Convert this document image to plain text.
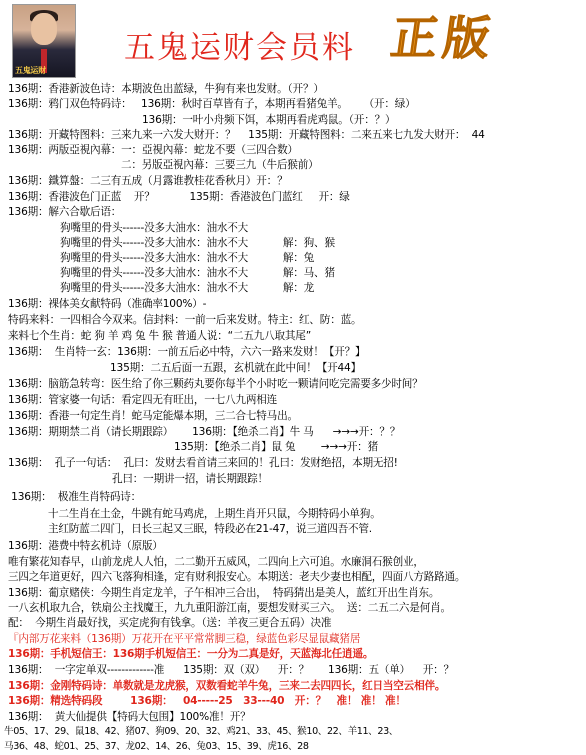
五鬼运财
五鬼运财会员料 正版
136期：香港新波色诗：本期波色出蓝绿，牛狗有来也发财。（开？）
136期：鸦门双色特码诗：   136期：秋时百草皆有子，本期再看猪兔羊。     （开：绿）
136期：一叶小舟频下饵，本期再看虎鸡鼠。（开：？）
136期：开藏特图料：三来九来一六发大财开：？    135期：开藏特图料：二来五来七九发大财开：  44
136期：两版亞視內幕：一：亞視內幕：蛇龙不要（三四合数）
二：另版亞視內幕：三要三九（牛后猴前）
136期：鐵算盤：二三有五成（月露谁教桂花香秋月）开：？
136期：香港波色门正蓝    开？           135期：香港波色门蓝红     开：绿
136期：解六合歇后语：
狗嘴里的骨头------没多大油水：油水不大
狗嘴里的骨头------没多大油水：油水不大           解：狗、猴
狗嘴里的骨头------没多大油水：油水不大           解：兔
狗嘴里的骨头------没多大油水：油水不大           解：马、猪
狗嘴里的骨头------没多大油水：油水不大           解：龙
136期：裸体美女献特码（准确率100%）-
特码来料：一四相合今双来。信封料：一前一后来发财。特主：红、防：蓝。
来料七个生肖：蛇 狗 羊 鸡 兔 牛 猴 普通人说：“二五九八取其尾”
136期：  生肖特一玄：136期：一前五后必中特，六六一路来发财！【开？】
135期：二五后面一五跟，玄机就在此中间！【开44】
136期：脑筋急转弯：医生给了你三颗药丸要你每半个小时吃一颗请问吃完需要多少时间？
136期：管家婆一句话：看定四无有旺出，一七八九两相连
136期：香港一句定生肖！蛇马定能爆本期，三二合七特马出。
136期：期期禁二肖（请长期跟踪）      136期：【绝杀二肖】牛 马      →→→开：？？
135期：【绝杀二肖】鼠 兔        →→→开：猪
136期：  孔子一句话：  孔曰：发财去看首请三来回的！孔曰：发财绝招，本期无招!
孔曰：一期讲一招，请长期跟踪！
136期：  极准生肖特码诗：
十二生肖在土金，牛跳有蛇马鸡虎，上期生肖开只鼠，今期特码小单狗。
主红防蓝二四门，日长三起又三眠，特段必在21-47，说三道四吾不管.
136期：港费中特玄机诗（原版）
唯有繁花知春早，山前龙虎人人怕，二二勤开五威风，二四向上六可追。水廉洞石猴创业，
三四之年道更好，四六飞落狗相逢，定有财利报安心。本期送：老夫少妻也相配，四面八方路路通。
136期：葡京赌侠：今期生肖定龙羊，子午相冲三合出，  特码猜出是美人，蓝红开出生肖东。
一八玄机取九合，铁扇公主找魔王，九九重阳游江南，要想发财买三六。  送：二五二六是何肖。
配：  今期生肖最好找，买定虎狗有钱拿。（送：羊夜三更合五码）决准
『内部万花来料（136期）万花开在平平常常脚三稳，绿蓝色彩尽显鼠藏猪居
136期：手机短信王：136期手机短信王：一分为二真是好，天蓝海北任逍遥。
136期：  一字定单双-------------准      135期：双（双）    开：？      136期：五（单）    开：？
136期：金刚特码诗：单数就是龙虎猴，双数看蛇羊牛兔，三来二去四四长，红日当空云相伴。
136期：精选特码段        136期：   04-----25   33---40   开：？   准！ 准！ 准！
136期：  黄大仙提供【特码大包围】100%准！开？
牛05、17、29、鼠18、42、猪07、狗09、20、32、鸡21、33、45、猴10、22、羊11、23、
马36、48、蛇01、25、37、龙02、14、26、兔03、15、39、虎16、28
